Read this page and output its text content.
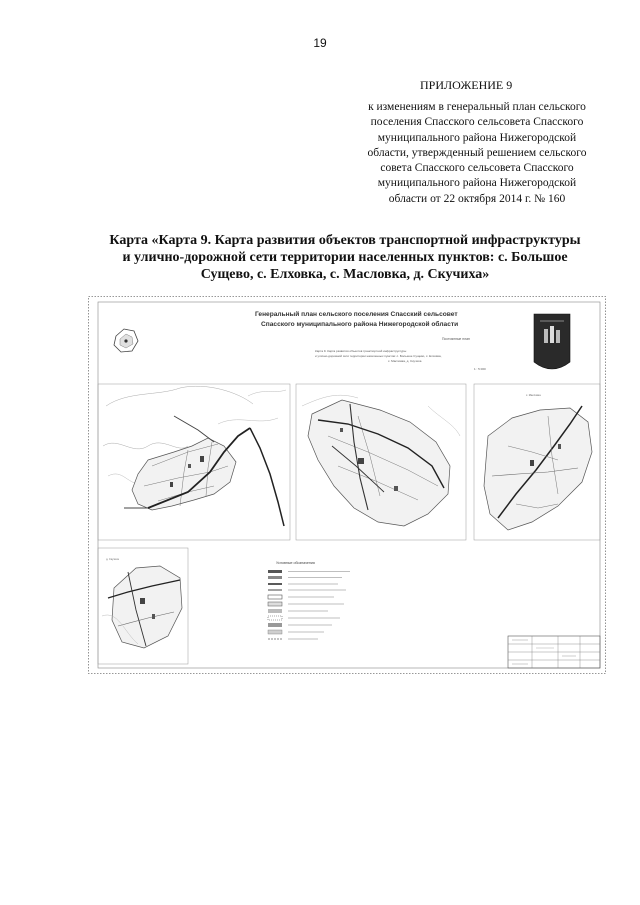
19
ПРИЛОЖЕНИЕ 9
к изменениям в генеральный план сельского
поселения Спасского сельсовета Спасского
муниципального района Нижегородской
области, утвержденный решением сельского
совета Спасского сельсовета Спасского
муниципального района Нижегородской
области от 22 октября 2014 г. № 160
Карта «Карта 9. Карта развития объектов транспортной инфраструктуры
и улично-дорожной сети территории населенных пунктов: с. Большое
Сущево, с. Елховка, с. Масловка, д. Скучиха»
Генеральный план сельского поселения Спасский сельсовет
Спасского муниципального района Нижегородской области
Постоянные план
Карта 9. Карта развития объектов транспортной инфраструктуры
и улично-дорожной сети территории населенных пунктов: с. Большое Сущево, с. Елховка,
с. Масловка, д. Скучиха
1 : 5 000
с. Масловка
д. Скучиха
Условные обозначения
